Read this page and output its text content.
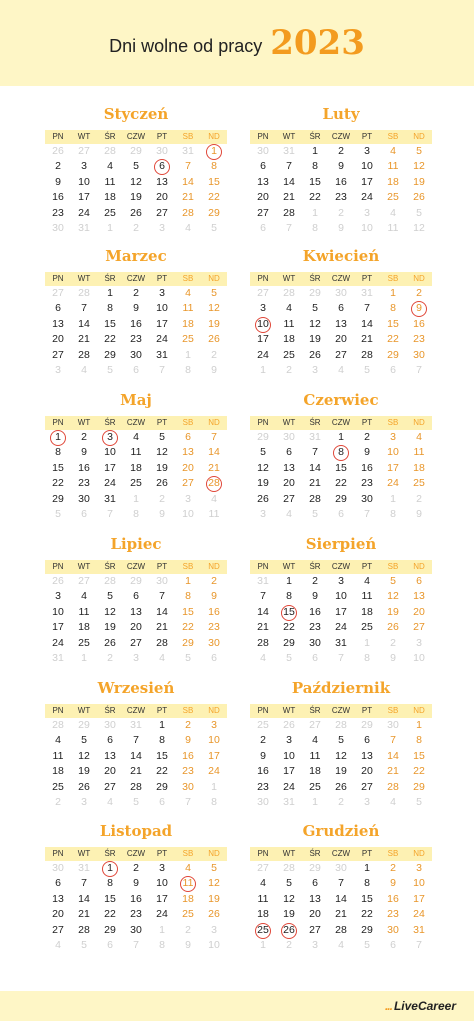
Dni wolne od pracy 2023
Styczeń
PN	WT	ŚR	CZW	PT	SB	ND
26	27	28	29	30	31	1
2	3	4	5	6	7	8
9	10	11	12	13	14	15
16	17	18	19	20	21	22
23	24	25	26	27	28	29
30	31	1	2	3	4	5
Luty
PN	WT	ŚR	CZW	PT	SB	ND
30	31	1	2	3	4	5
6	7	8	9	10	11	12
13	14	15	16	17	18	19
20	21	22	23	24	25	26
27	28	1	2	3	4	5
6	7	8	9	10	11	12
Marzec
PN	WT	ŚR	CZW	PT	SB	ND
27	28	1	2	3	4	5
6	7	8	9	10	11	12
13	14	15	16	17	18	19
20	21	22	23	24	25	26
27	28	29	30	31	1	2
3	4	5	6	7	8	9
Kwiecień
PN	WT	ŚR	CZW	PT	SB	ND
27	28	29	30	31	1	2
3	4	5	6	7	8	9
10	11	12	13	14	15	16
17	18	19	20	21	22	23
24	25	26	27	28	29	30
1	2	3	4	5	6	7
Maj
PN	WT	ŚR	CZW	PT	SB	ND
1	2	3	4	5	6	7
8	9	10	11	12	13	14
15	16	17	18	19	20	21
22	23	24	25	26	27	28
29	30	31	1	2	3	4
5	6	7	8	9	10	11
Czerwiec
PN	WT	ŚR	CZW	PT	SB	ND
29	30	31	1	2	3	4
5	6	7	8	9	10	11
12	13	14	15	16	17	18
19	20	21	22	23	24	25
26	27	28	29	30	1	2
3	4	5	6	7	8	9
Lipiec
PN	WT	ŚR	CZW	PT	SB	ND
26	27	28	29	30	1	2
3	4	5	6	7	8	9
10	11	12	13	14	15	16
17	18	19	20	21	22	23
24	25	26	27	28	29	30
31	1	2	3	4	5	6
Sierpień
PN	WT	ŚR	CZW	PT	SB	ND
31	1	2	3	4	5	6
7	8	9	10	11	12	13
14	15	16	17	18	19	20
21	22	23	24	25	26	27
28	29	30	31	1	2	3
4	5	6	7	8	9	10
Wrzesień
PN	WT	ŚR	CZW	PT	SB	ND
28	29	30	31	1	2	3
4	5	6	7	8	9	10
11	12	13	14	15	16	17
18	19	20	21	22	23	24
25	26	27	28	29	30	1
2	3	4	5	6	7	8
Październik
PN	WT	ŚR	CZW	PT	SB	ND
25	26	27	28	29	30	1
2	3	4	5	6	7	8
9	10	11	12	13	14	15
16	17	18	19	20	21	22
23	24	25	26	27	28	29
30	31	1	2	3	4	5
Listopad
PN	WT	ŚR	CZW	PT	SB	ND
30	31	1	2	3	4	5
6	7	8	9	10	11	12
13	14	15	16	17	18	19
20	21	22	23	24	25	26
27	28	29	30	1	2	3
4	5	6	7	8	9	10
Grudzień
PN	WT	ŚR	CZW	PT	SB	ND
27	28	29	30	1	2	3
4	5	6	7	8	9	10
11	12	13	14	15	16	17
18	19	20	21	22	23	24
25	26	27	28	29	30	31
1	2	3	4	5	6	7
... LiveCareer
